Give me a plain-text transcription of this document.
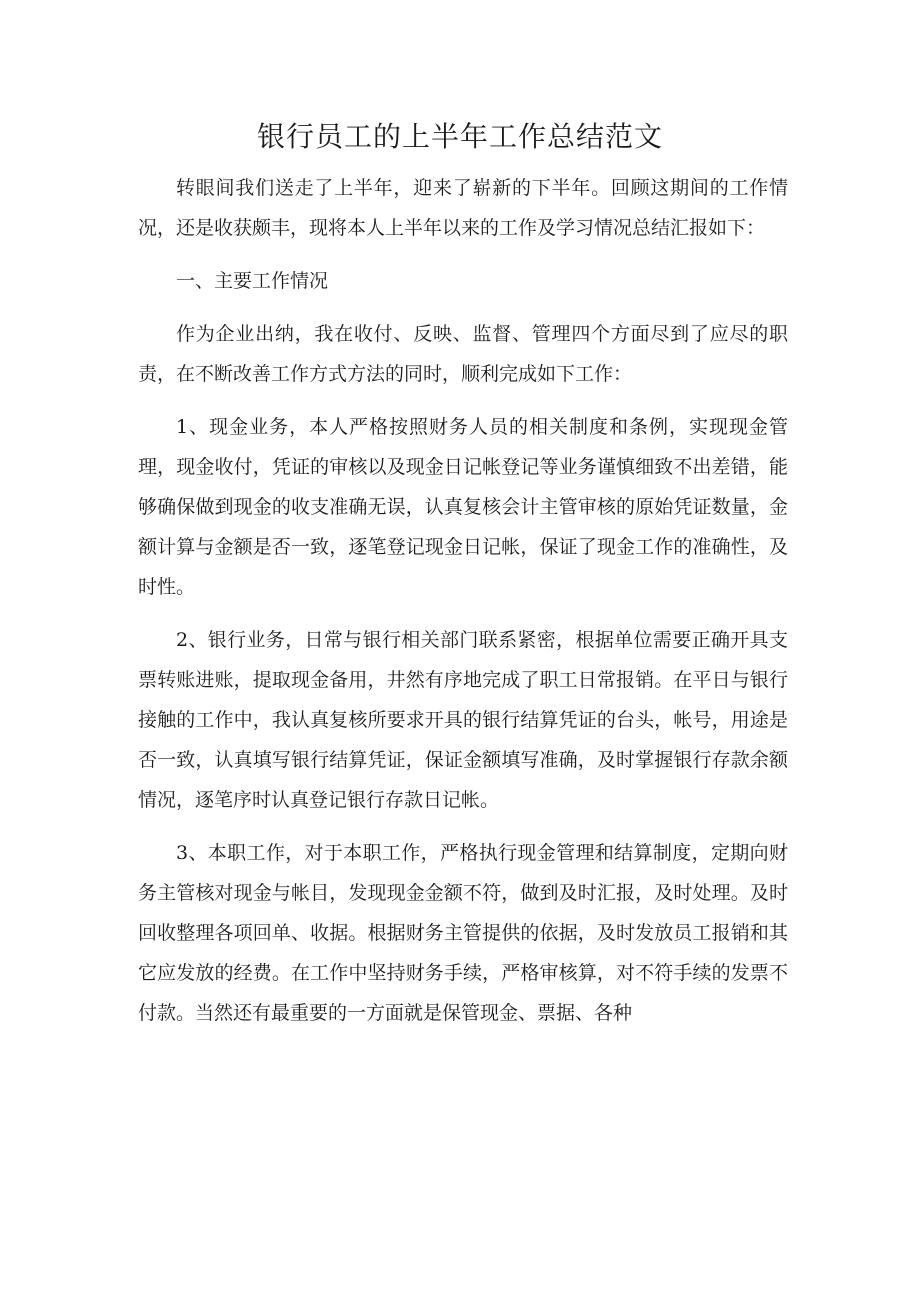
银行员工的上半年工作总结范文

转眼间我们送走了上半年，迎来了崭新的下半年。回顾这期间的工作情况，还是收获颇丰，现将本人上半年以来的工作及学习情况总结汇报如下：

一、主要工作情况

作为企业出纳，我在收付、反映、监督、管理四个方面尽到了应尽的职责，在不断改善工作方式方法的同时，顺利完成如下工作：

1、现金业务，本人严格按照财务人员的相关制度和条例，实现现金管理，现金收付，凭证的审核以及现金日记帐登记等业务谨慎细致不出差错，能够确保做到现金的收支准确无误，认真复核会计主管审核的原始凭证数量，金额计算与金额是否一致，逐笔登记现金日记帐，保证了现金工作的准确性，及时性。

2、银行业务，日常与银行相关部门联系紧密，根据单位需要正确开具支票转账进账，提取现金备用，井然有序地完成了职工日常报销。在平日与银行接触的工作中，我认真复核所要求开具的银行结算凭证的台头，帐号，用途是否一致，认真填写银行结算凭证，保证金额填写准确，及时掌握银行存款余额情况，逐笔序时认真登记银行存款日记帐。

3、本职工作，对于本职工作，严格执行现金管理和结算制度，定期向财务主管核对现金与帐目，发现现金金额不符，做到及时汇报，及时处理。及时回收整理各项回单、收据。根据财务主管提供的依据，及时发放员工报销和其它应发放的经费。在工作中坚持财务手续，严格审核算，对不符手续的发票不付款。当然还有最重要的一方面就是保管现金、票据、各种
